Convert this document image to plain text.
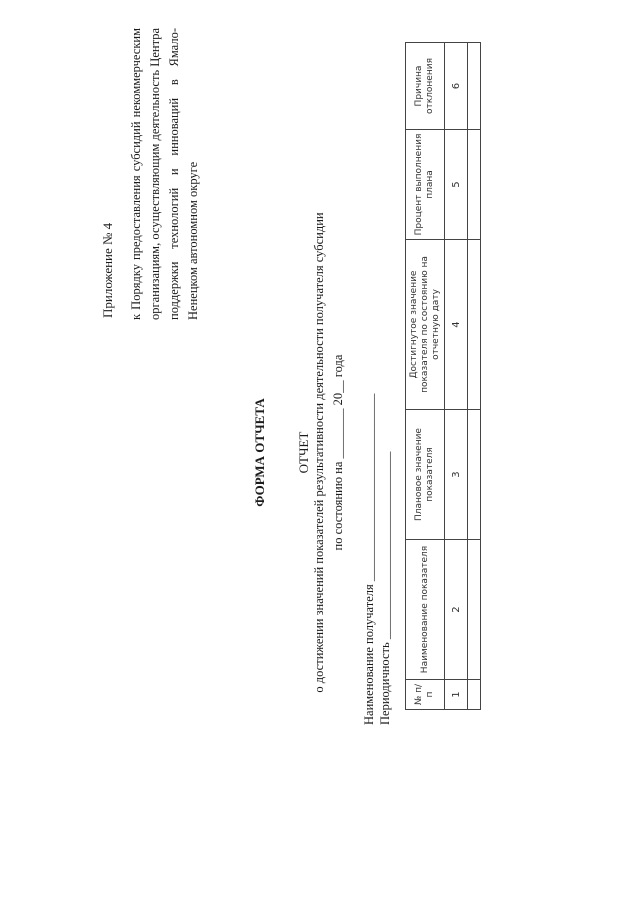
Приложение № 4 к Порядку предоставления субсидий некоммерческим организациям, осуществляющим деятельность Центра поддержки технологий и инноваций в Ямало-Ненецком автономном округе
ФОРМА ОТЧЕТА ОТЧЕТ о достижении значений показателей результативности деятельности получателя субсидии по состоянию на ________ 20__ года Наименование получателя ______________________________ Периодичность ______________________________ № п/п	Наименование показателя	Плановое значение показателя	Достигнутое значение показателя по состоянию на отчетную дату	Процент выполнения плана	Причина отклонения
1	2	3	4	5	6
